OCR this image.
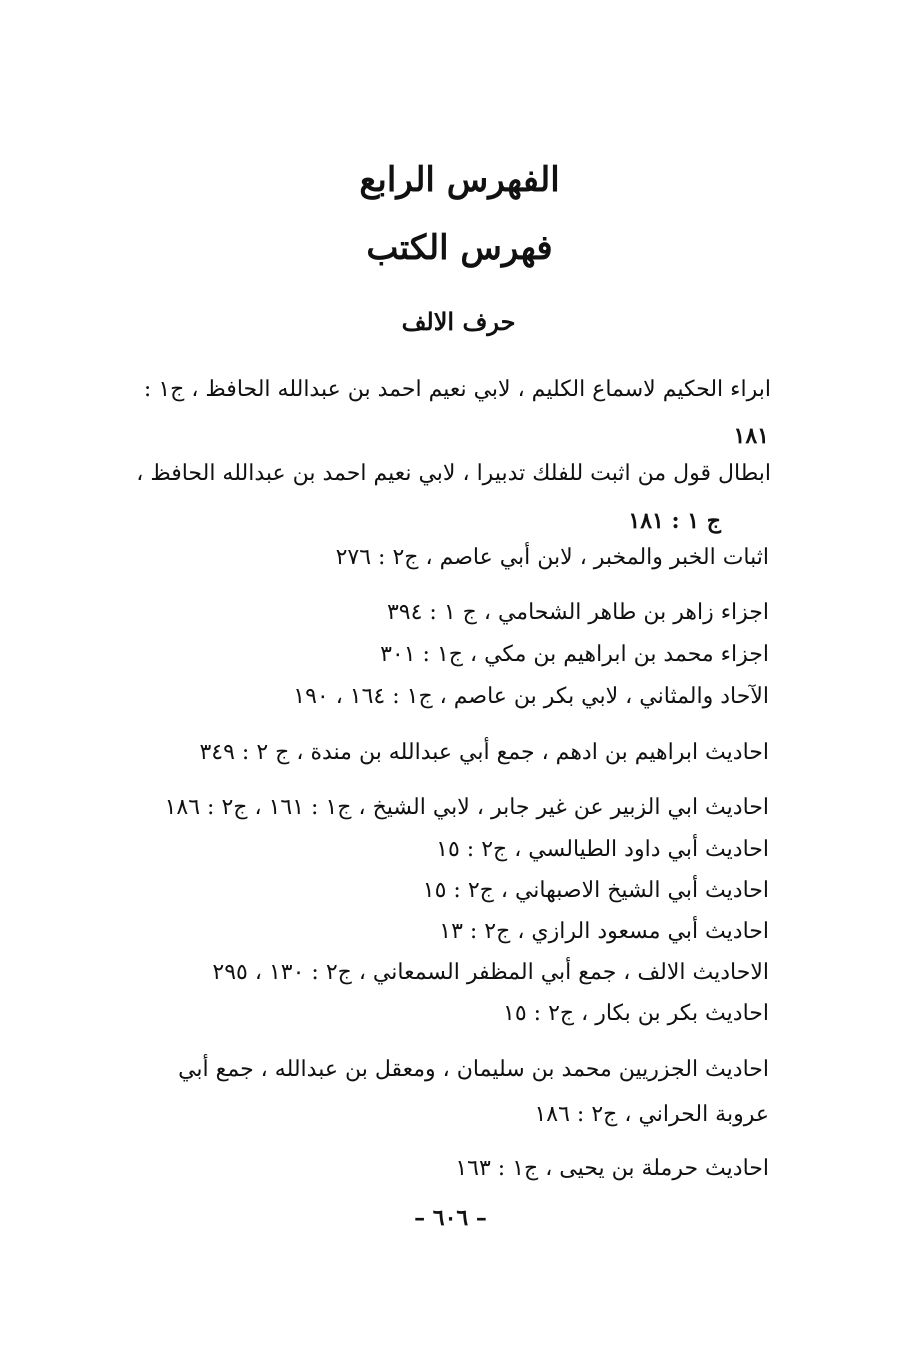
الفهرس الرابع
فهرس الكتب
حرف الالف
ابراء الحكيم لاسماع الكليم ، لابي نعيم احمد بن عبدالله الحافظ ، ج١ :
١٨١
ابطال قول من اثبت للفلك تدبيرا ، لابي نعيم احمد بن عبدالله الحافظ ،
ج ١ : ١٨١
اثبات الخبر والمخبر ، لابن أبي عاصم ، ج٢ : ٢٧٦
اجزاء زاهر بن طاهر الشحامي ، ج ١ : ٣٩٤
اجزاء محمد بن ابراهيم بن مكي ، ج١ : ٣٠١
الآحاد والمثاني ، لابي بكر بن عاصم ، ج١ : ١٦٤ ، ١٩٠
احاديث ابراهيم بن ادهم ، جمع أبي عبدالله بن مندة ، ج ٢ : ٣٤٩
احاديث ابي الزبير عن غير جابر ، لابي الشيخ ، ج١ : ١٦١ ، ج٢ : ١٨٦
احاديث أبي داود الطيالسي ، ج٢ : ١٥
احاديث أبي الشيخ الاصبهاني ، ج٢ : ١٥
احاديث أبي مسعود الرازي ، ج٢ : ١٣
الاحاديث الالف ، جمع أبي المظفر السمعاني ، ج٢ : ١٣٠ ، ٢٩٥
احاديث بكر بن بكار ، ج٢ : ١٥
احاديث الجزريين محمد بن سليمان ، ومعقل بن عبدالله ، جمع أبي
عروبة الحراني ، ج٢ : ١٨٦
احاديث حرملة بن يحيى ، ج١ : ١٦٣
– ٦٠٦ –
